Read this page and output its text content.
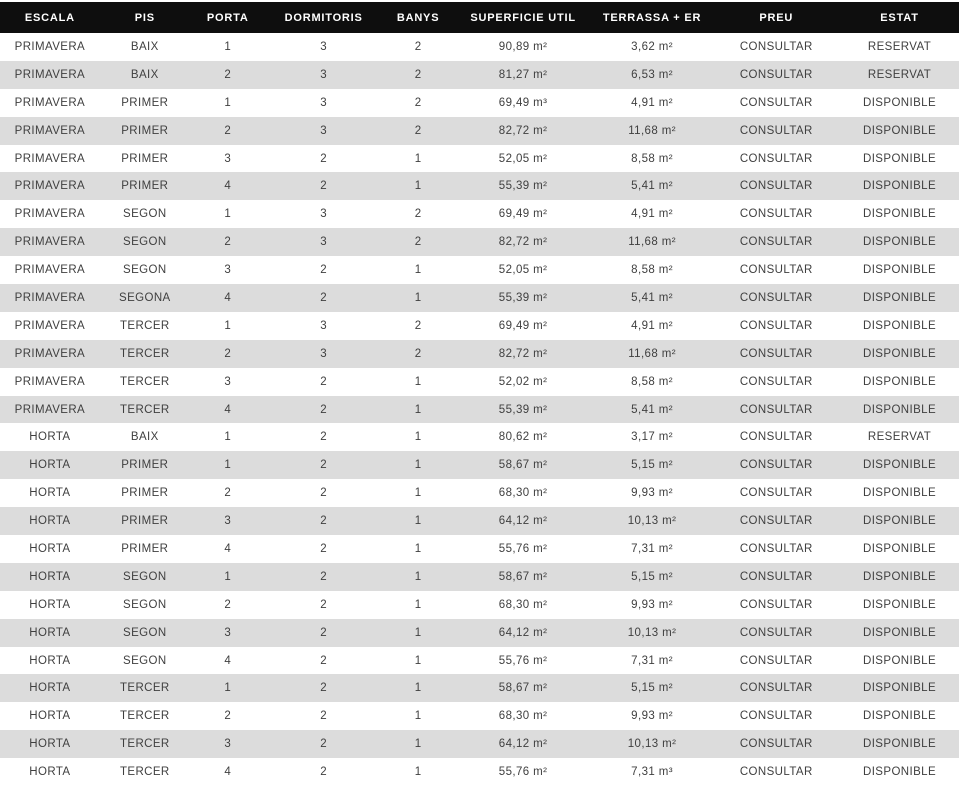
ESCALA	PIS	PORTA	DORMITORIS	BANYS	SUPERFICIE UTIL	TERRASSA + ER	PREU	ESTAT
PRIMAVERA	BAIX	1	3	2	90,89 m²	3,62 m²	CONSULTAR	RESERVAT
PRIMAVERA	BAIX	2	3	2	81,27 m²	6,53 m²	CONSULTAR	RESERVAT
PRIMAVERA	PRIMER	1	3	2	69,49 m³	4,91 m²	CONSULTAR	DISPONIBLE
PRIMAVERA	PRIMER	2	3	2	82,72 m²	11,68 m²	CONSULTAR	DISPONIBLE
PRIMAVERA	PRIMER	3	2	1	52,05 m²	8,58 m²	CONSULTAR	DISPONIBLE
PRIMAVERA	PRIMER	4	2	1	55,39 m²	5,41 m²	CONSULTAR	DISPONIBLE
PRIMAVERA	SEGON	1	3	2	69,49 m²	4,91 m²	CONSULTAR	DISPONIBLE
PRIMAVERA	SEGON	2	3	2	82,72 m²	11,68 m²	CONSULTAR	DISPONIBLE
PRIMAVERA	SEGON	3	2	1	52,05 m²	8,58 m²	CONSULTAR	DISPONIBLE
PRIMAVERA	SEGONA	4	2	1	55,39 m²	5,41 m²	CONSULTAR	DISPONIBLE
PRIMAVERA	TERCER	1	3	2	69,49 m²	4,91 m²	CONSULTAR	DISPONIBLE
PRIMAVERA	TERCER	2	3	2	82,72 m²	11,68 m²	CONSULTAR	DISPONIBLE
PRIMAVERA	TERCER	3	2	1	52,02 m²	8,58 m²	CONSULTAR	DISPONIBLE
PRIMAVERA	TERCER	4	2	1	55,39 m²	5,41 m²	CONSULTAR	DISPONIBLE
HORTA	BAIX	1	2	1	80,62 m²	3,17 m²	CONSULTAR	RESERVAT
HORTA	PRIMER	1	2	1	58,67 m²	5,15 m²	CONSULTAR	DISPONIBLE
HORTA	PRIMER	2	2	1	68,30 m²	9,93 m²	CONSULTAR	DISPONIBLE
HORTA	PRIMER	3	2	1	64,12 m²	10,13 m²	CONSULTAR	DISPONIBLE
HORTA	PRIMER	4	2	1	55,76 m²	7,31 m²	CONSULTAR	DISPONIBLE
HORTA	SEGON	1	2	1	58,67 m²	5,15 m²	CONSULTAR	DISPONIBLE
HORTA	SEGON	2	2	1	68,30 m²	9,93 m²	CONSULTAR	DISPONIBLE
HORTA	SEGON	3	2	1	64,12 m²	10,13 m²	CONSULTAR	DISPONIBLE
HORTA	SEGON	4	2	1	55,76 m²	7,31 m²	CONSULTAR	DISPONIBLE
HORTA	TERCER	1	2	1	58,67 m²	5,15 m²	CONSULTAR	DISPONIBLE
HORTA	TERCER	2	2	1	68,30 m²	9,93 m²	CONSULTAR	DISPONIBLE
HORTA	TERCER	3	2	1	64,12 m²	10,13 m²	CONSULTAR	DISPONIBLE
HORTA	TERCER	4	2	1	55,76 m²	7,31 m³	CONSULTAR	DISPONIBLE
